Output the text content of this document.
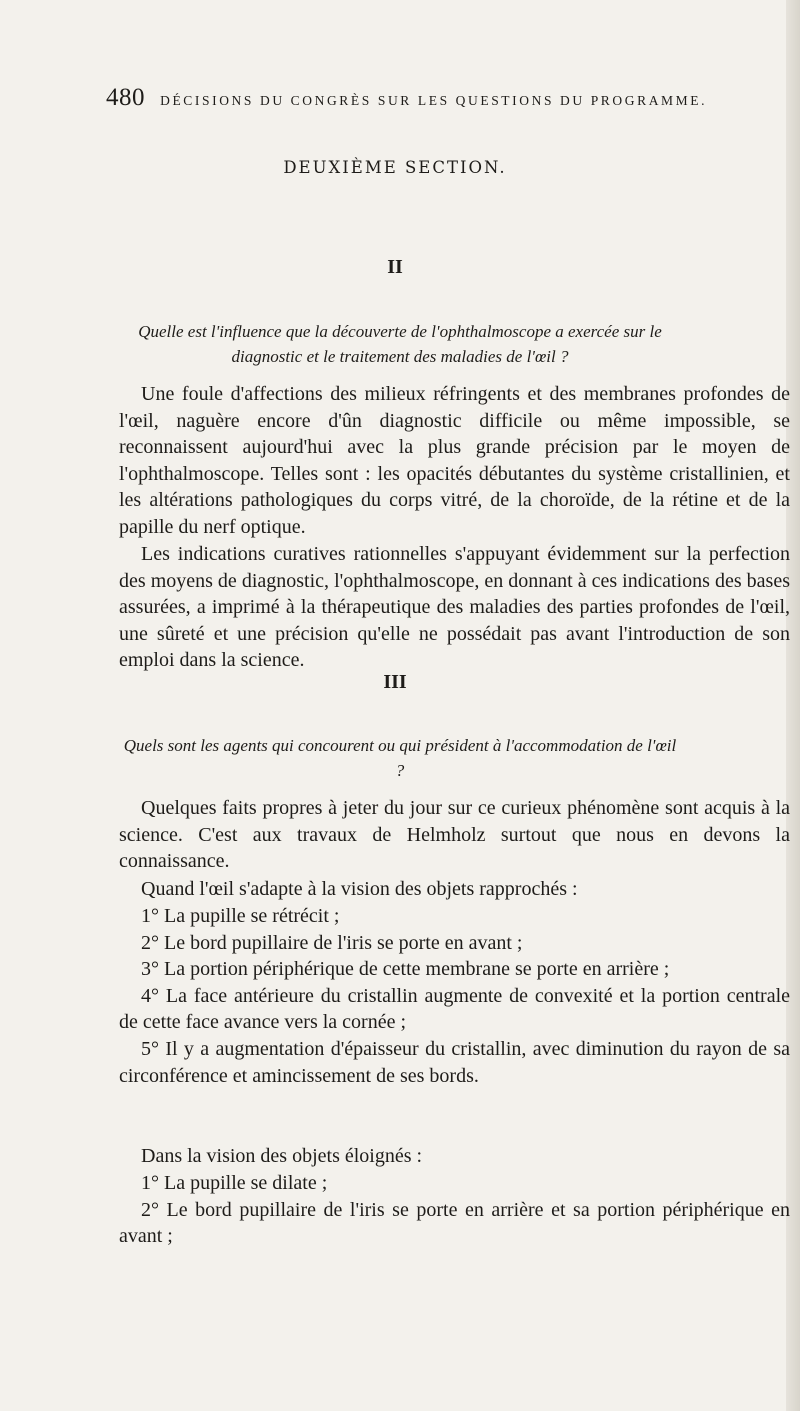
480 DÉCISIONS DU CONGRÈS SUR LES QUESTIONS DU PROGRAMME.
DEUXIÈME SECTION.
II

Quelle est l'influence que la découverte de l'ophthalmoscope a exercée sur le diagnostic et le traitement des maladies de l'œil ?

Une foule d'affections des milieux réfringents et des membranes profondes de l'œil, naguère encore d'ûn diagnostic difficile ou même impossible, se reconnaissent aujourd'hui avec la plus grande précision par le moyen de l'ophthalmoscope. Telles sont : les opacités débutantes du système cristallinien, et les altérations pathologiques du corps vitré, de la choroïde, de la rétine et de la papille du nerf optique.

Les indications curatives rationnelles s'appuyant évidemment sur la perfection des moyens de diagnostic, l'ophthalmoscope, en donnant à ces indications des bases assurées, a imprimé à la thérapeutique des maladies des parties profondes de l'œil, une sûreté et une précision qu'elle ne possédait pas avant l'introduction de son emploi dans la science.

III

Quels sont les agents qui concourent ou qui président à l'accommodation de l'œil ?

Quelques faits propres à jeter du jour sur ce curieux phénomène sont acquis à la science. C'est aux travaux de Helmholz surtout que nous en devons la connaissance.

Quand l'œil s'adapte à la vision des objets rapprochés :

1° La pupille se rétrécit ;
2° Le bord pupillaire de l'iris se porte en avant ;
3° La portion périphérique de cette membrane se porte en arrière ;
4° La face antérieure du cristallin augmente de convexité et la portion centrale de cette face avance vers la cornée ;
5° Il y a augmentation d'épaisseur du cristallin, avec diminution du rayon de sa circonférence et amincissement de ses bords.

Dans la vision des objets éloignés :

1° La pupille se dilate ;
2° Le bord pupillaire de l'iris se porte en arrière et sa portion périphérique en avant ;
